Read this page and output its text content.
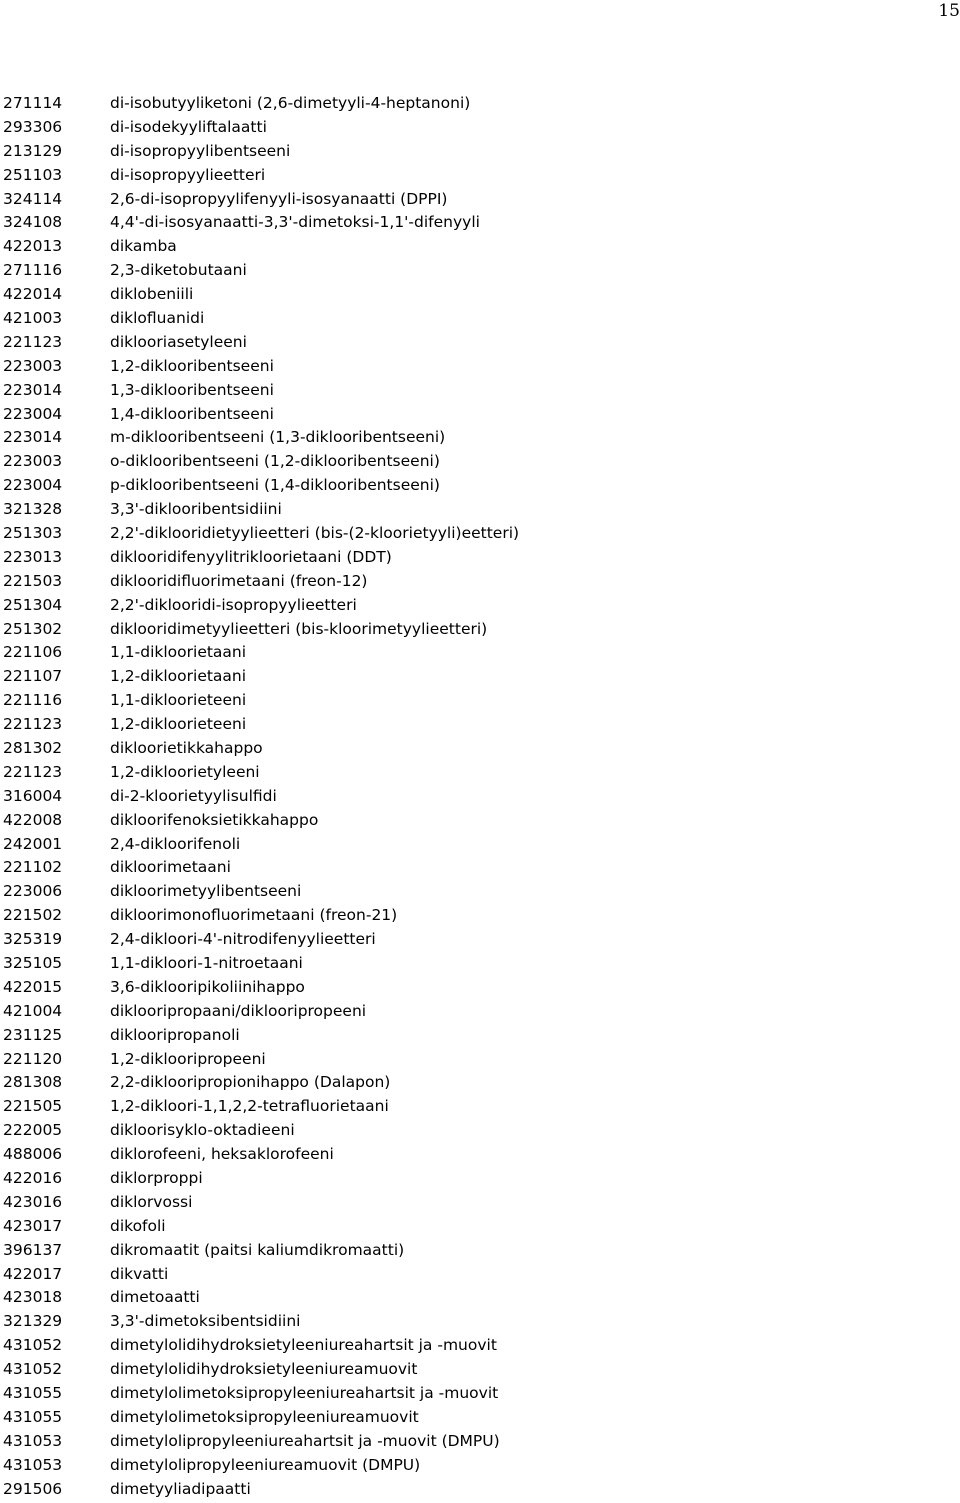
15
271114	di-isobutyyliketoni (2,6-dimetyyli-4-heptanoni)
293306	di-isodekyyliftalaatti
213129	di-isopropyylibentseeni
251103	di-isopropyylieetteri
324114	2,6-di-isopropyylifenyyli-isosyanaatti (DPPI)
324108	4,4'-di-isosyanaatti-3,3'-dimetoksi-1,1'-difenyyli
422013	dikamba
271116	2,3-diketobutaani
422014	diklobeniili
421003	diklofluanidi
221123	diklooriasetyleeni
223003	1,2-diklooribentseeni
223014	1,3-diklooribentseeni
223004	1,4-diklooribentseeni
223014	m-diklooribentseeni (1,3-diklooribentseeni)
223003	o-diklooribentseeni (1,2-diklooribentseeni)
223004	p-diklooribentseeni (1,4-diklooribentseeni)
321328	3,3'-diklooribentsidiini
251303	2,2'-diklooridietyylieetteri (bis-(2-kloorietyyli)eetteri)
223013	diklooridifenyylitrikloorietaani (DDT)
221503	diklooridifluorimetaani (freon-12)
251304	2,2'-diklooridi-isopropyylieetteri
251302	diklooridimetyylieetteri (bis-kloorimetyylieetteri)
221106	1,1-dikloorietaani
221107	1,2-dikloorietaani
221116	1,1-dikloorieteeni
221123	1,2-dikloorieteeni
281302	dikloorietikkahappo
221123	1,2-dikloorietyleeni
316004	di-2-kloorietyylisulfidi
422008	dikloorifenoksietikkahappo
242001	2,4-dikloorifenoli
221102	dikloorimetaani
223006	dikloorimetyylibentseeni
221502	dikloorimonofluorimetaani (freon-21)
325319	2,4-dikloori-4'-nitrodifenyylieetteri
325105	1,1-dikloori-1-nitroetaani
422015	3,6-diklooripikoliinihappo
421004	diklooripropaani/diklooripropeeni
231125	diklooripropanoli
221120	1,2-diklooripropeeni
281308	2,2-diklooripropionihappo (Dalapon)
221505	1,2-dikloori-1,1,2,2-tetrafluorietaani
222005	dikloorisyklo-oktadieeni
488006	diklorofeeni, heksaklorofeeni
422016	diklorproppi
423016	diklorvossi
423017	dikofoli
396137	dikromaatit (paitsi kaliumdikromaatti)
422017	dikvatti
423018	dimetoaatti
321329	3,3'-dimetoksibentsidiini
431052	dimetylolidihydroksietyleeniureahartsit ja -muovit
431052	dimetylolidihydroksietyleeniureamuovit
431055	dimetylolimetoksipropyleeniureahartsit ja -muovit
431055	dimetylolimetoksipropyleeniureamuovit
431053	dimetylolipropyleeniureahartsit ja -muovit (DMPU)
431053	dimetylolipropyleeniureamuovit (DMPU)
291506	dimetyyliadipaatti
